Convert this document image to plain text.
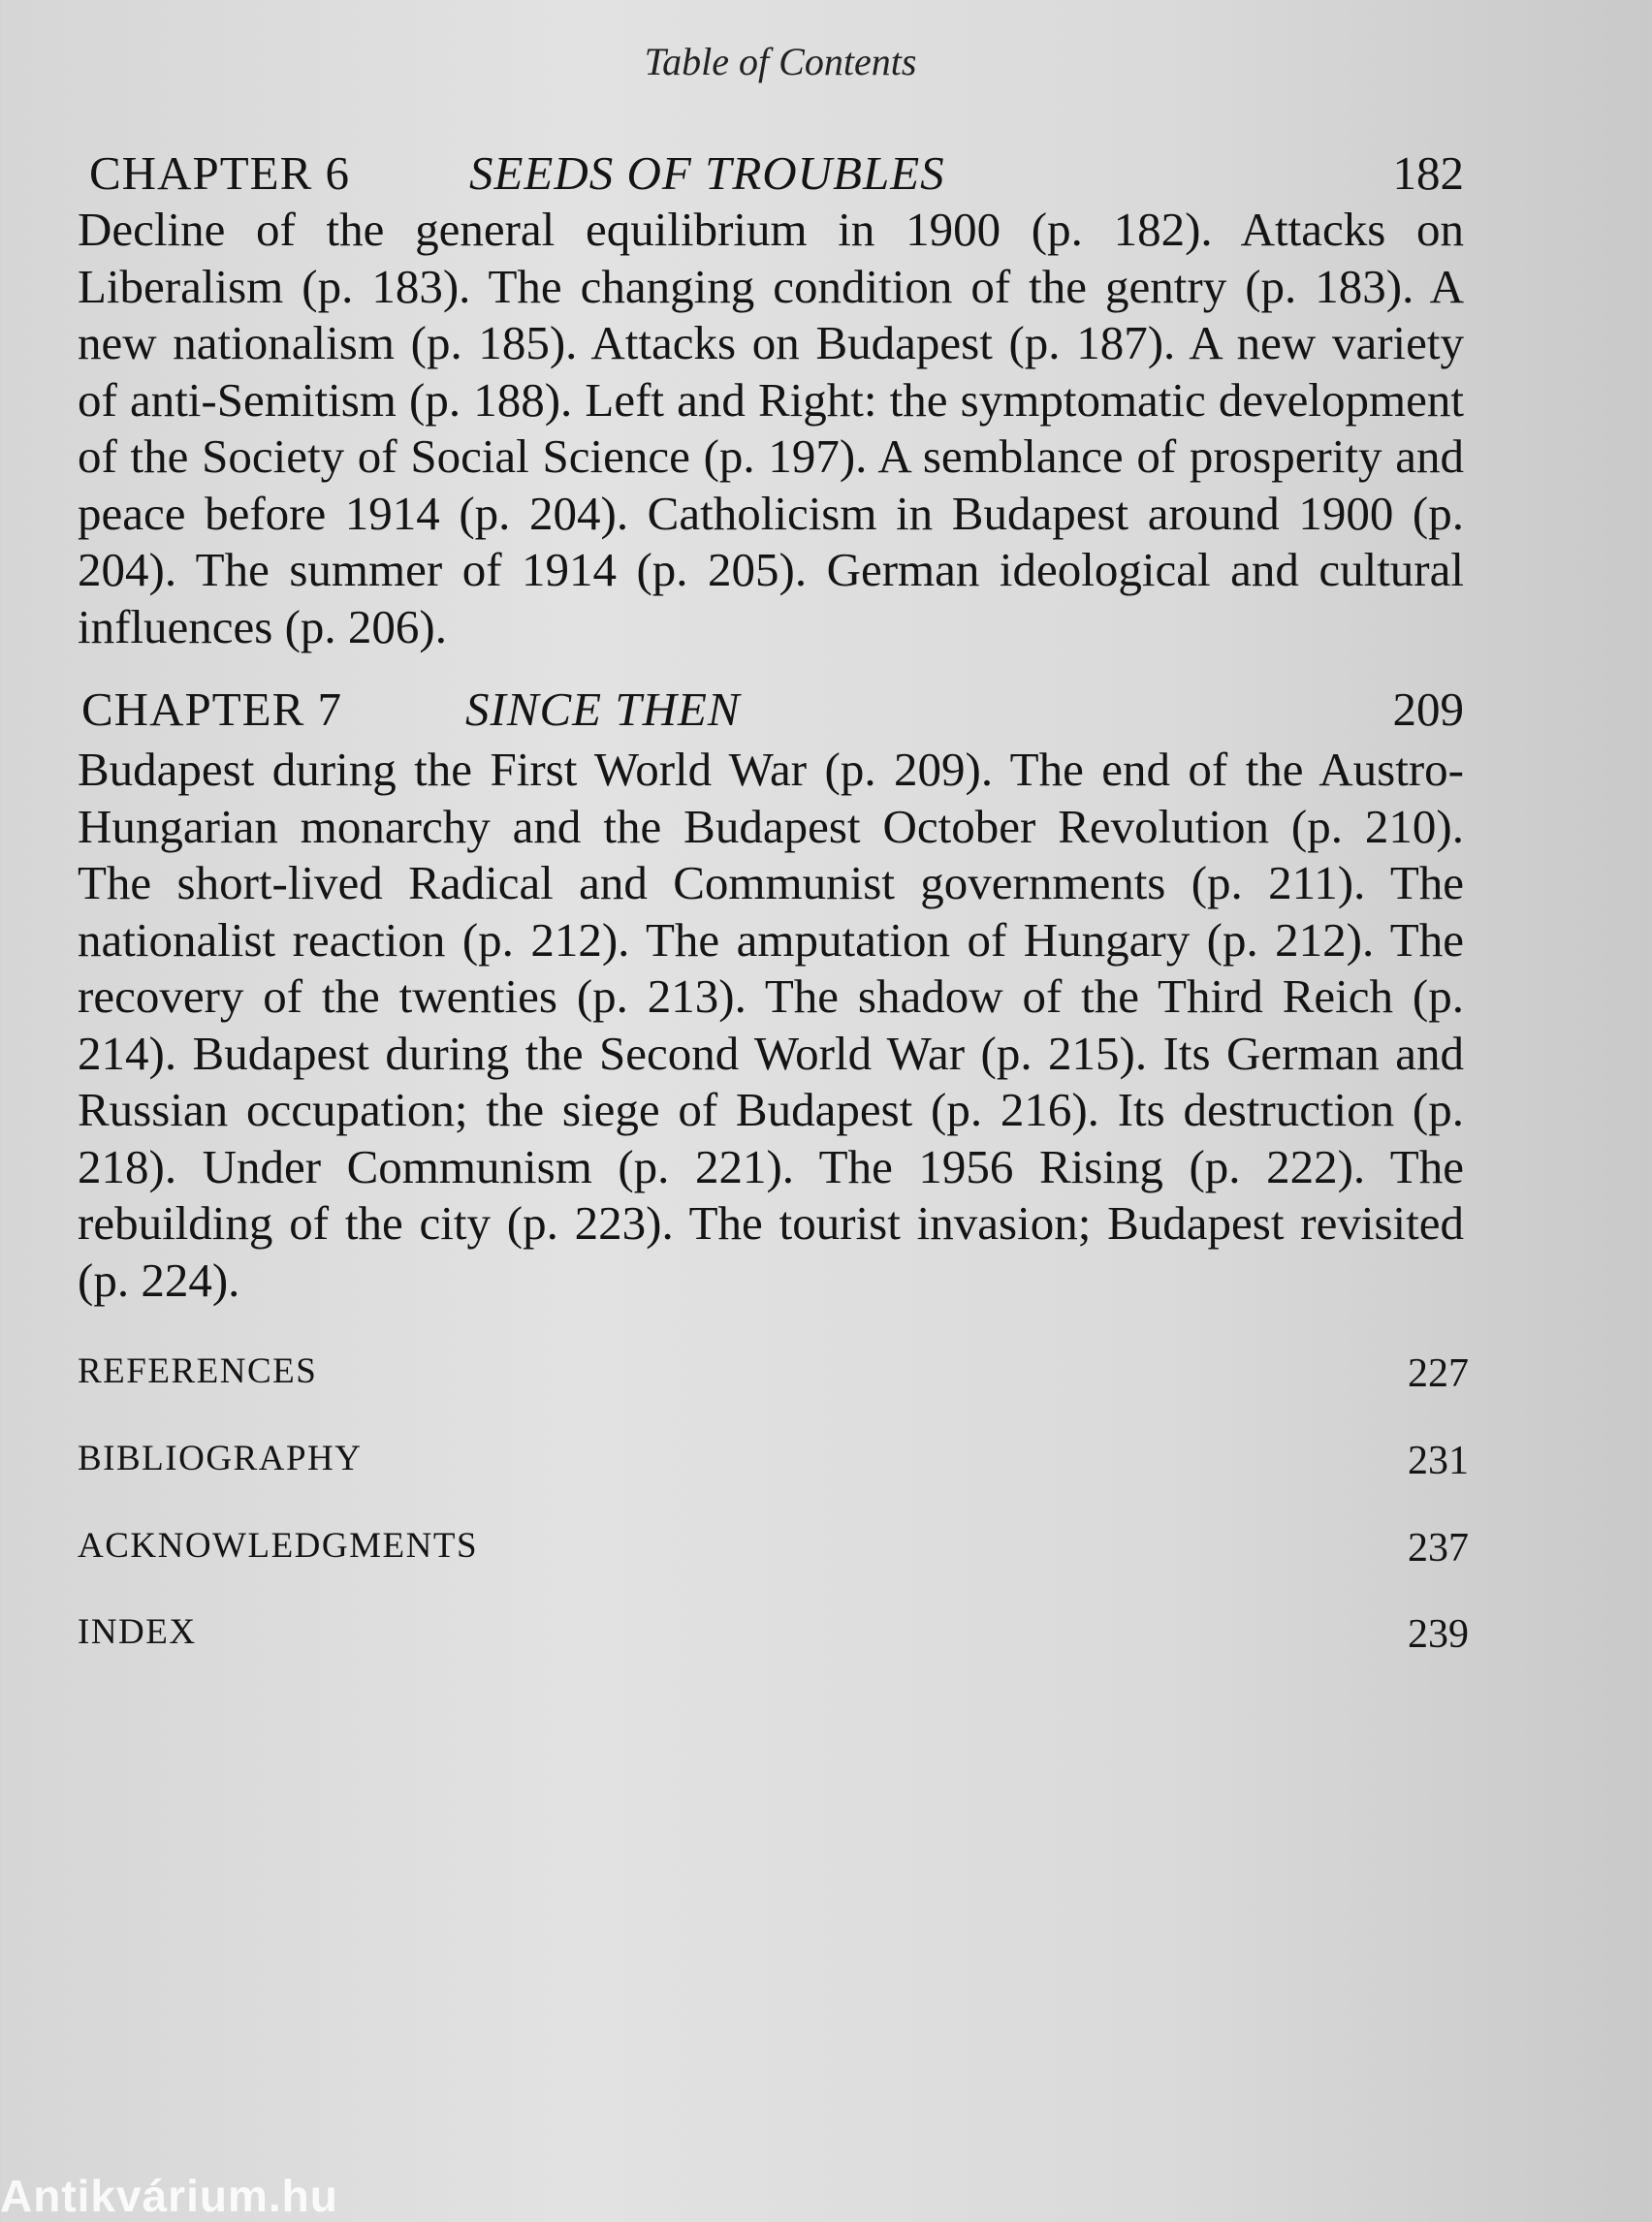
Table of Contents
CHAPTER 6	SEEDS OF TROUBLES	182
Decline of the general equilibrium in 1900 (p. 182). Attacks on Liberalism (p. 183). The changing condition of the gentry (p. 183). A new nationalism (p. 185). Attacks on Budapest (p. 187). A new variety of anti-Semitism (p. 188). Left and Right: the symptomatic development of the Society of Social Science (p. 197). A semblance of prosperity and peace before 1914 (p. 204). Catholicism in Budapest around 1900 (p. 204). The summer of 1914 (p. 205). German ideological and cultural influences (p. 206).
CHAPTER 7	SINCE THEN	209
Budapest during the First World War (p. 209). The end of the Austro-Hungarian monarchy and the Budapest October Revolution (p. 210). The short-lived Radical and Communist governments (p. 211). The nationalist reaction (p. 212). The amputation of Hungary (p. 212). The recovery of the twenties (p. 213). The shadow of the Third Reich (p. 214). Budapest during the Second World War (p. 215). Its German and Russian occupation; the siege of Budapest (p. 216). Its destruction (p. 218). Under Communism (p. 221). The 1956 Rising (p. 222). The rebuilding of the city (p. 223). The tourist invasion; Budapest revisited (p. 224).
REFERENCES	227
BIBLIOGRAPHY	231
ACKNOWLEDGMENTS	237
INDEX	239
Antikvárium.hu
